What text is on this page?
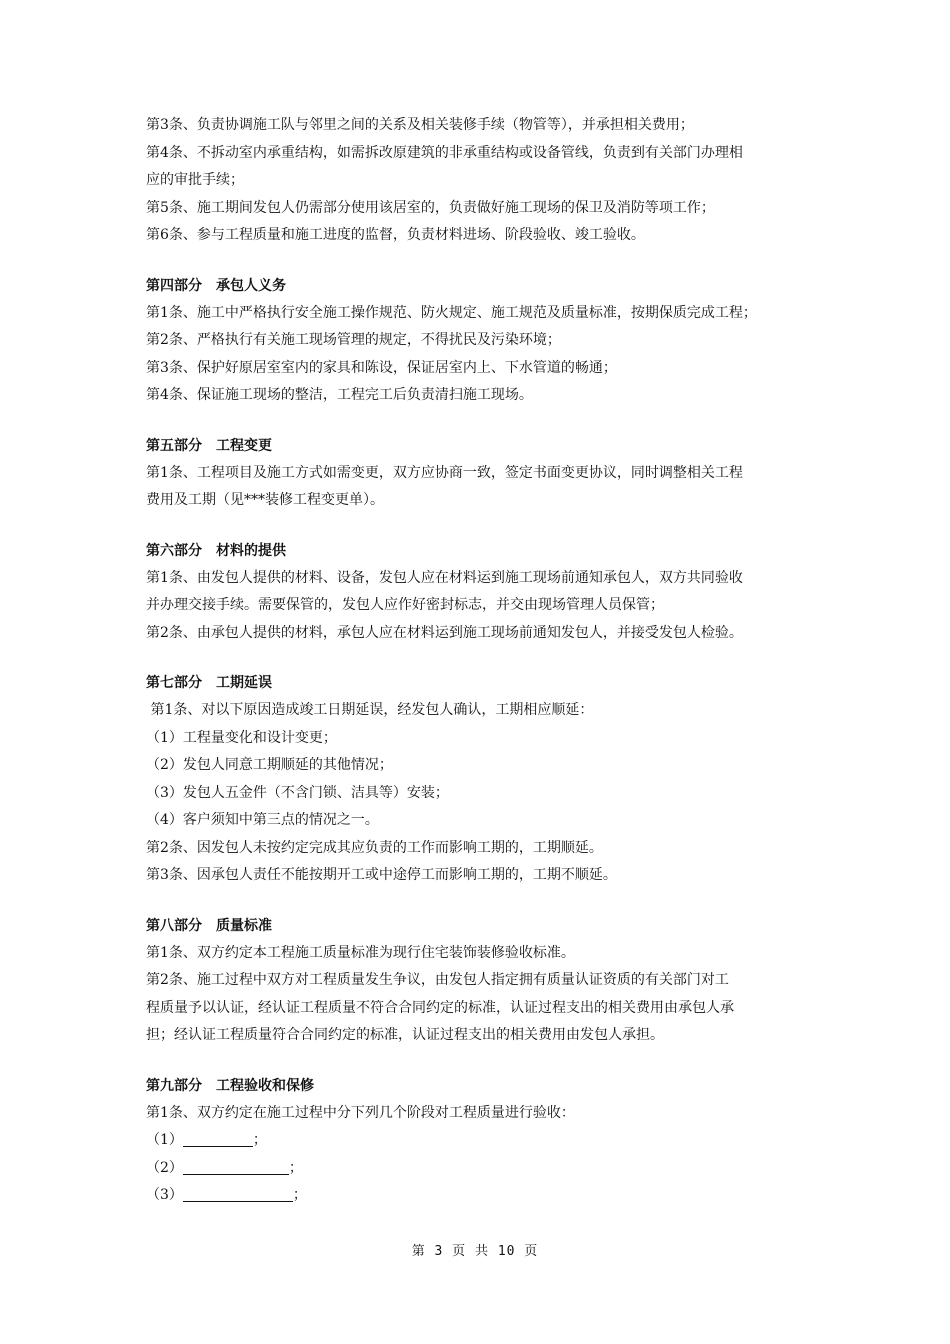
第3条、负责协调施工队与邻里之间的关系及相关装修手续（物管等），并承担相关费用；
第4条、不拆动室内承重结构，如需拆改原建筑的非承重结构或设备管线，负责到有关部门办理相
应的审批手续；
第5条、施工期间发包人仍需部分使用该居室的，负责做好施工现场的保卫及消防等项工作；
第6条、参与工程质量和施工进度的监督，负责材料进场、阶段验收、竣工验收。
第四部分　承包人义务
第1条、施工中严格执行安全施工操作规范、防火规定、施工规范及质量标准，按期保质完成工程；
第2条、严格执行有关施工现场管理的规定，不得扰民及污染环境；
第3条、保护好原居室室内的家具和陈设，保证居室内上、下水管道的畅通；
第4条、保证施工现场的整洁，工程完工后负责清扫施工现场。
第五部分　工程变更
第1条、工程项目及施工方式如需变更，双方应协商一致，签定书面变更协议，同时调整相关工程
费用及工期（见***装修工程变更单）。
第六部分　材料的提供
第1条、由发包人提供的材料、设备，发包人应在材料运到施工现场前通知承包人，双方共同验收
并办理交接手续。需要保管的，发包人应作好密封标志，并交由现场管理人员保管；
第2条、由承包人提供的材料，承包人应在材料运到施工现场前通知发包人，并接受发包人检验。
第七部分　工期延误
第1条、对以下原因造成竣工日期延误，经发包人确认，工期相应顺延：
（1）工程量变化和设计变更；
（2）发包人同意工期顺延的其他情况；
（3）发包人五金件（不含门锁、洁具等）安装；
（4）客户须知中第三点的情况之一。
第2条、因发包人未按约定完成其应负责的工作而影响工期的，工期顺延。
第3条、因承包人责任不能按期开工或中途停工而影响工期的，工期不顺延。
第八部分　质量标准
第1条、双方约定本工程施工质量标准为现行住宅装饰装修验收标准。
第2条、施工过程中双方对工程质量发生争议，由发包人指定拥有质量认证资质的有关部门对工
程质量予以认证，经认证工程质量不符合合同约定的标准，认证过程支出的相关费用由承包人承
担；经认证工程质量符合合同约定的标准，认证过程支出的相关费用由发包人承担。
第九部分　工程验收和保修
第1条、双方约定在施工过程中分下列几个阶段对工程质量进行验收：
（1）	；
（2）	；
（3）	；
第 3 页 共 10 页
